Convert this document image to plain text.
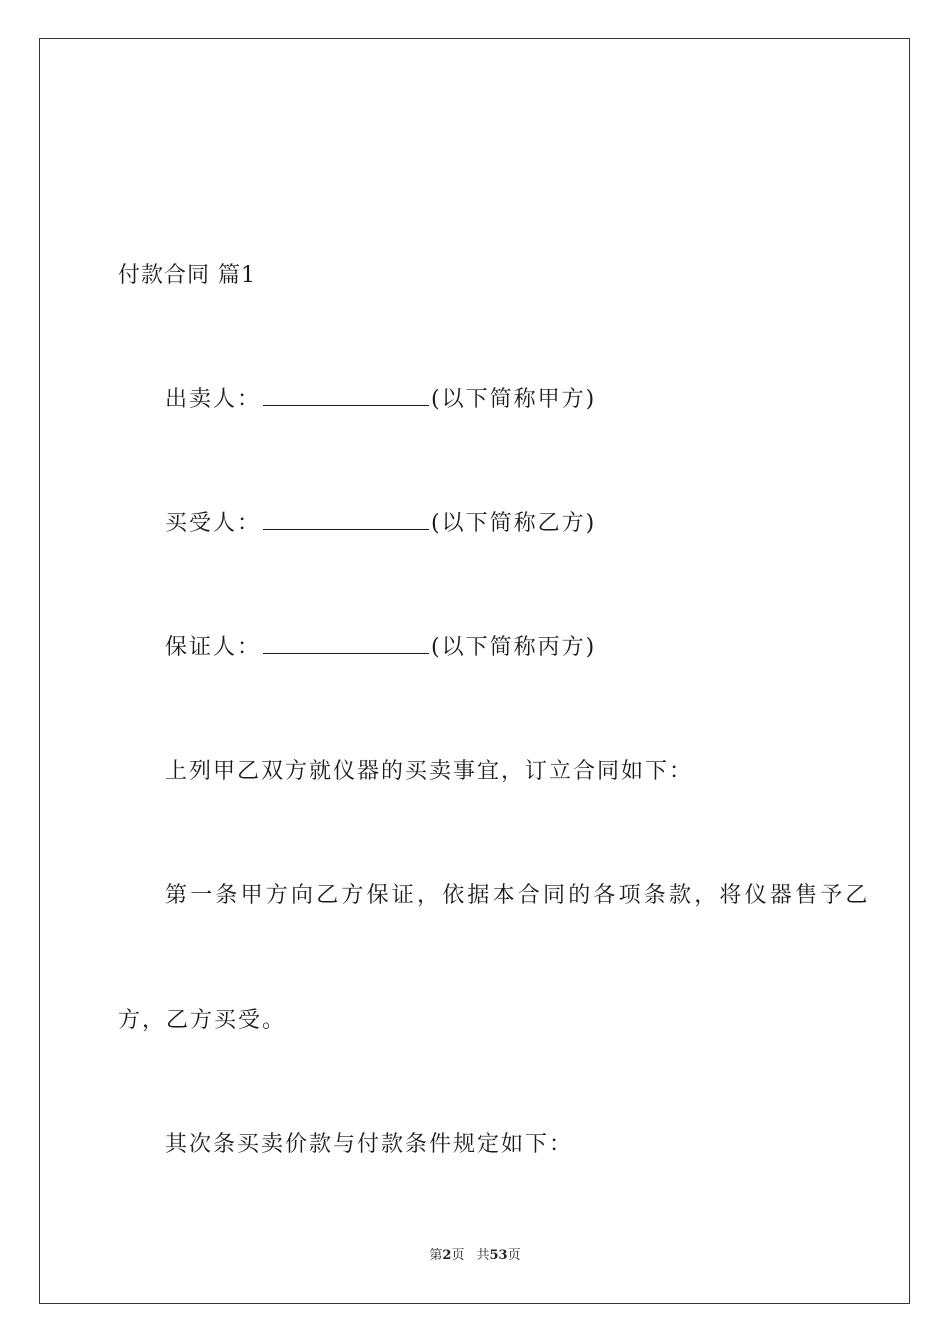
付款合同 篇1
出卖人：	(以下简称甲方)
买受人：	(以下简称乙方)
保证人：	(以下简称丙方)
上列甲乙双方就仪器的买卖事宜，订立合同如下：
第一条甲方向乙方保证，依据本合同的各项条款，将仪器售予乙
方，乙方买受。
其次条买卖价款与付款条件规定如下：
第2页 共53页
